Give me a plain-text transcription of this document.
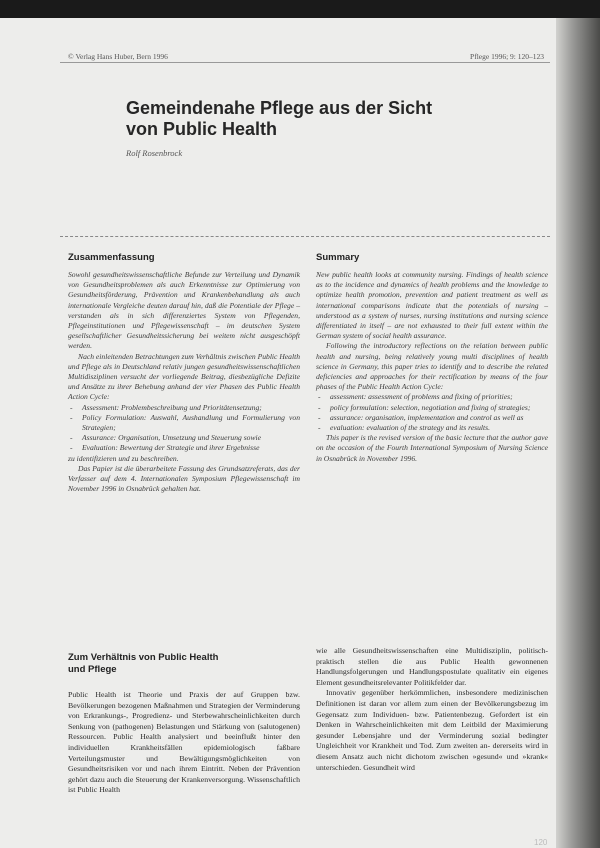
© Verlag Hans Huber, Bern 1996	Pflege 1996; 9: 120–123
Gemeindenahe Pflege aus der Sicht
von Public Health
Rolf Rosenbrock
Zusammenfassung	Summary

Sowohl gesundheitswissenschaftliche Befunde zur Verteilung und Dynamik von Gesundheitsproblemen als auch Erkenntnisse zur Optimierung von Gesundheitsförderung, Prävention und Krankenbehandlung als auch internationale Vergleiche deuten darauf hin, daß die Potentiale der Pflege – verstanden als in sich differenziertes System von Pflegenden, Pflegeinstitutionen und Pflegewissenschaft – im deutschen System gesellschaftlicher Gesundheitssicherung bei weitem nicht ausgeschöpft werden.

Nach einleitenden Betrachtungen zum Verhältnis zwischen Public Health und Pflege als in Deutschland relativ jungen gesundheitswissenschaftlichen Multidisziplinen versucht der vorliegende Beitrag, diesbezügliche Defizite und Ansätze zu ihrer Behebung anhand der vier Phasen des Public Health Action Cycle:

- Assessment: Problembeschreibung und Prioritätensetzung;
- Policy Formulation: Auswahl, Aushandlung und Formulierung von Strategien;
- Assurance: Organisation, Umsetzung und Steuerung sowie
- Evaluation: Bewertung der Strategie und ihrer Ergebnisse

zu identifizieren und zu beschreiben.

Das Papier ist die überarbeitete Fassung des Grundsatzreferats, das der Verfasser auf dem 4. Internationalen Symposium Pflegewissenschaft im November 1996 in Osnabrück gehalten hat.

New public health looks at community nursing. Findings of health science as to the incidence and dynamics of health problems and the knowledge to optimize health promotion, prevention and patient treatment as well as international comparisons indicate that the potentials of nursing – understood as a system of nurses, nursing institutions and nursing science differentiated in itself – are not exhausted to their full extent within the German system of social health assurance.

Following the introductory reflections on the relation between public health and nursing, being relatively young multi disciplines of health science in Germany, this paper tries to identify and to describe the related deficiencies and approaches for their rectification by means of the four phases of the Public Health Action Cycle:

- assessment: assessment of problems and fixing of priorities;
- policy formulation: selection, negotiation and fixing of strategies;
- assurance: organisation, implementation and control as well as
- evaluation: evaluation of the strategy and its results.

This paper is the revised version of the basic lecture that the author gave on the occasion of the Fourth International Symposium of Nursing Science in Osnabrück in November 1996.

Zum Verhältnis von Public Health
und Pflege

Public Health ist Theorie und Praxis der auf Gruppen bzw. Bevölkerungen bezogenen Maßnahmen und Strategien der Verminderung von Erkrankungs-, Progredienz- und Sterbewahrscheinlichkeiten durch Senkung von (pathogenen) Belastungen und Stärkung von (salutogenen) Ressourcen. Public Health analysiert und beeinflußt hinter den individuellen Krankheitsfällen epidemiologisch faßbare Verteilungsmuster und Bewältigungsmöglichkeiten von Gesundheitsrisiken vor und nach ihrem Eintritt. Neben der Prävention gehört dazu auch die Steuerung der Krankenversorgung. Wissenschaftlich ist Public Health

wie alle Gesundheitswissenschaften eine Multidisziplin, politisch-praktisch stellen die aus Public Health gewonnenen Handlungsfolgerungen und Handlungspostulate qualitativ ein eigenes Element gesundheitsrelevanter Politikfelder dar.

Innovativ gegenüber herkömmlichen, insbesondere medizinischen Definitionen ist daran vor allem zum einen der Bevölkerungsbezug im Gegensatz zum Individuen- bzw. Patientenbezug. Gefordert ist ein Denken in Wahrscheinlichkeiten mit dem Leitbild der Maximierung gesunder Lebensjahre und der Verminderung sozial bedingter Ungleichheit vor Krankheit und Tod. Zum zweiten an- dererseits wird in diesem Ansatz auch nicht dichotom zwischen »gesund« und »krank« unterschieden. Gesundheit wird

120
